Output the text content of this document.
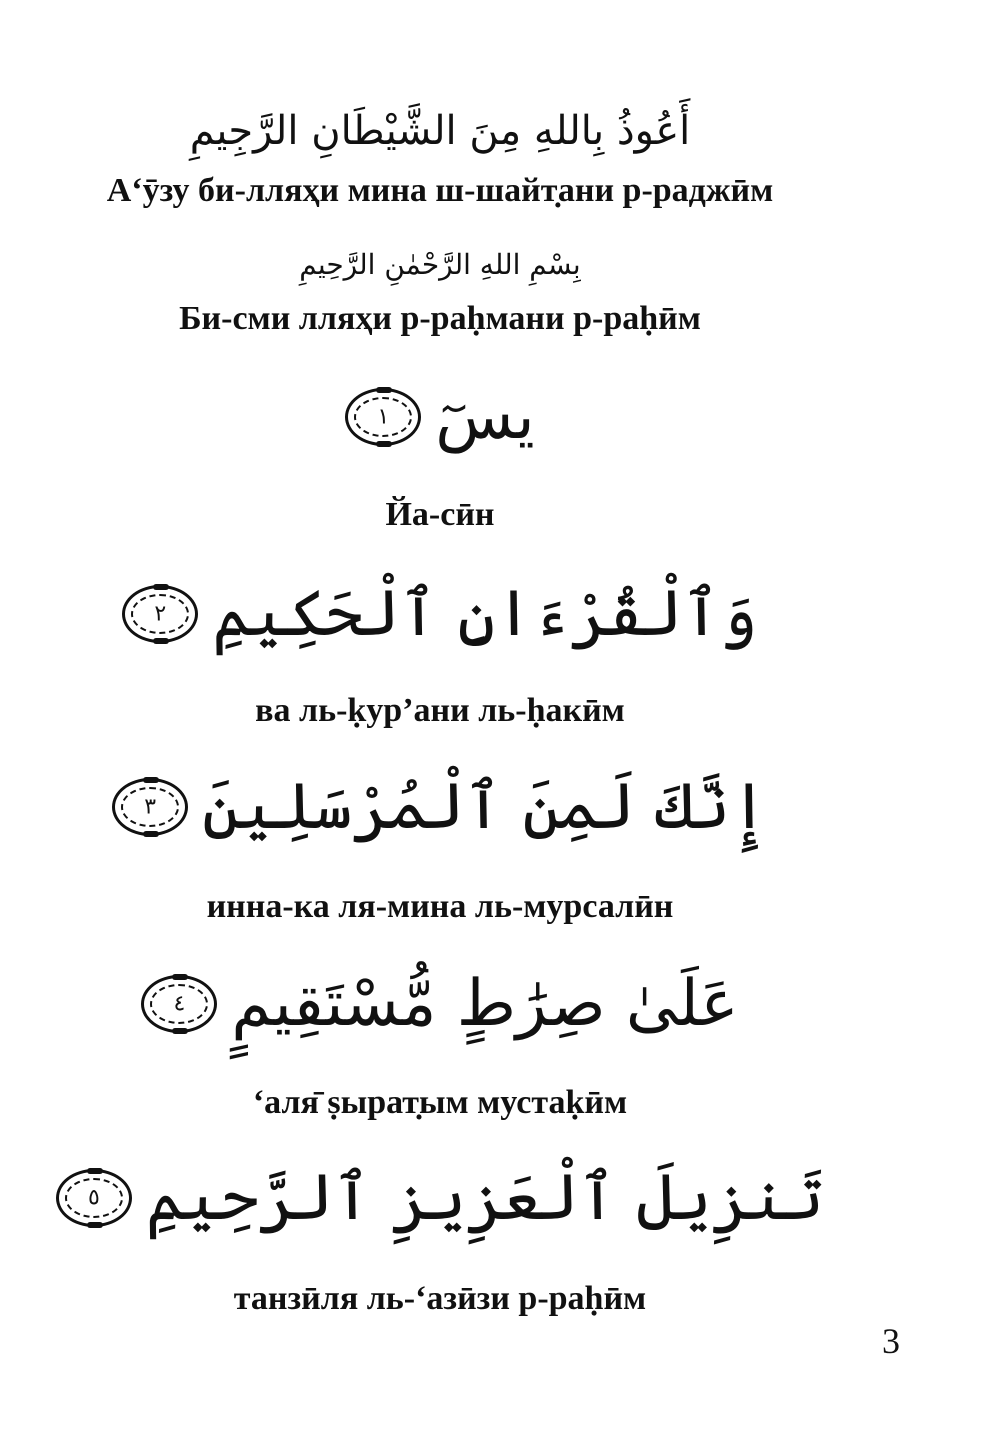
أَعُوذُ بِاللهِ مِنَ الشَّيْطَانِ الرَّجِيمِ
Аʻӯзу би-лляҳи мина ш-шайт̣ани р-раджӣм
بِسْمِ اللهِ الرَّحْمٰنِ الرَّحِيمِ
Би-сми лляҳи р-раḥмани р-раḥӣм
١ يسٓ
Йа-сӣн
٢ وَٱلْقُرْءَانِ ٱلْحَكِيمِ
ва ль-ḳур’ани ль-ḥакӣм
٣ إِنَّكَ لَمِنَ ٱلْمُرْسَلِينَ
инна-ка ля-мина ль-мурсалӣн
٤ عَلَىٰ صِرَٰطٍ مُّسْتَقِيمٍ
ʻаля̄ ṣырат̣ым мустаḳӣм
٥ تَنزِيلَ ٱلْعَزِيزِ ٱلرَّحِيمِ
танзӣля ль-ʻазӣзи р-раḥӣм
3
